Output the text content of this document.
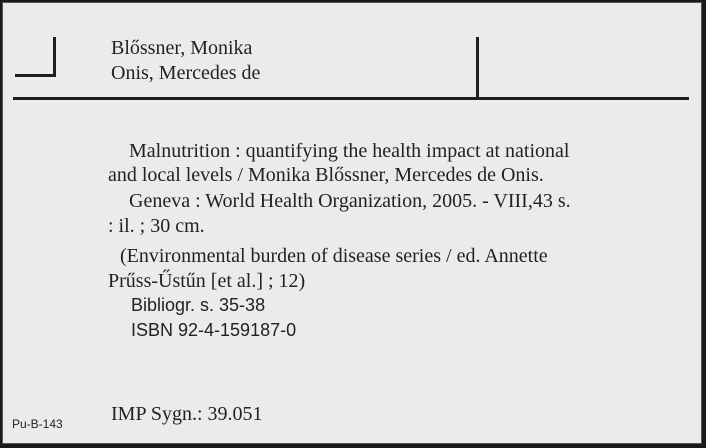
Blőssner, Monika
Onis, Mercedes de
Malnutrition : quantifying the health impact at national
and local levels / Monika Blőssner, Mercedes de Onis.
Geneva : World Health Organization, 2005. - VIII,43 s.
: il. ; 30 cm.
(Environmental burden of disease series / ed. Annette
Prűss-Űstűn [et al.] ; 12)
Bibliogr. s. 35-38
ISBN 92-4-159187-0
Pu-B-143 IMP Sygn.: 39.051
